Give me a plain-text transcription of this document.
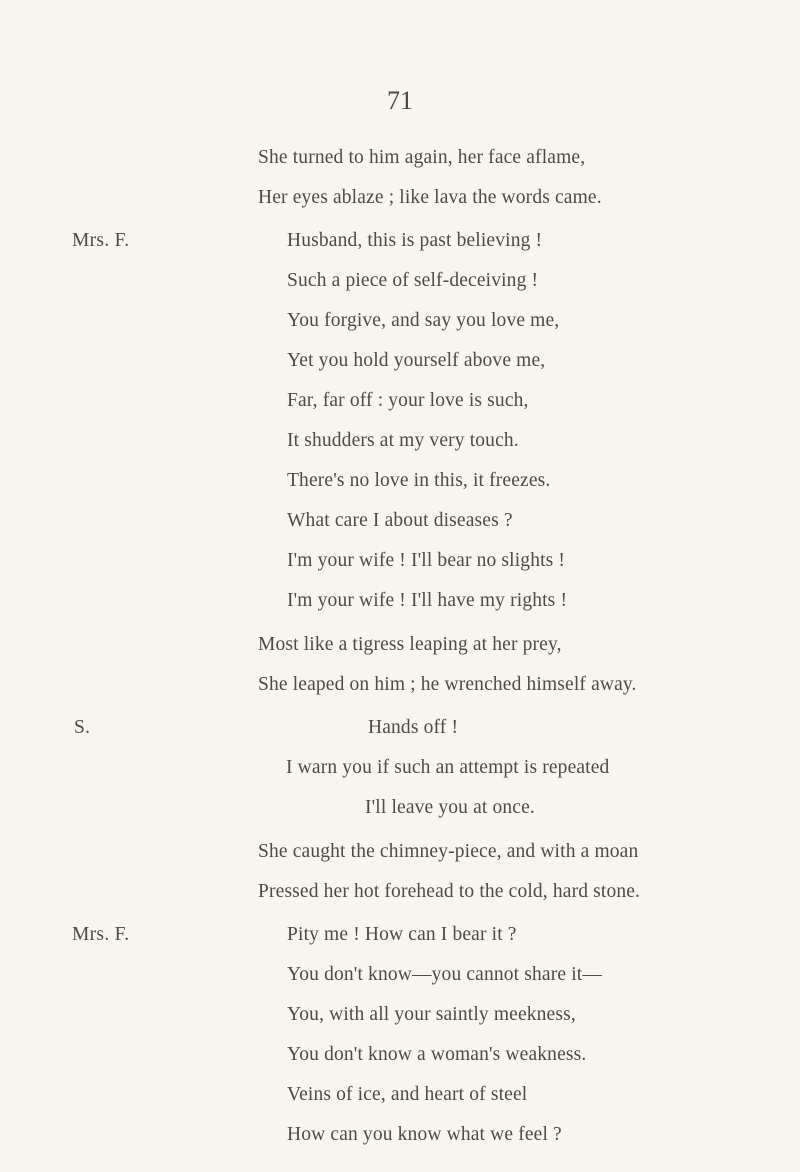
71
She turned to him again, her face aflame,
Her eyes ablaze ; like lava the words came.
Mrs. F.	Husband, this is past believing !
Such a piece of self-deceiving !
You forgive, and say you love me,
Yet you hold yourself above me,
Far, far off : your love is such,
It shudders at my very touch.
There's no love in this, it freezes.
What care I about diseases ?
I'm your wife ! I'll bear no slights !
I'm your wife ! I'll have my rights !
Most like a tigress leaping at her prey,
She leaped on him ; he wrenched himself away.
S.	Hands off !
I warn you if such an attempt is repeated
I'll leave you at once.
She caught the chimney-piece, and with a moan
Pressed her hot forehead to the cold, hard stone.
Mrs. F.	Pity me ! How can I bear it ?
You don't know—you cannot share it—
You, with all your saintly meekness,
You don't know a woman's weakness.
Veins of ice, and heart of steel
How can you know what we feel ?
